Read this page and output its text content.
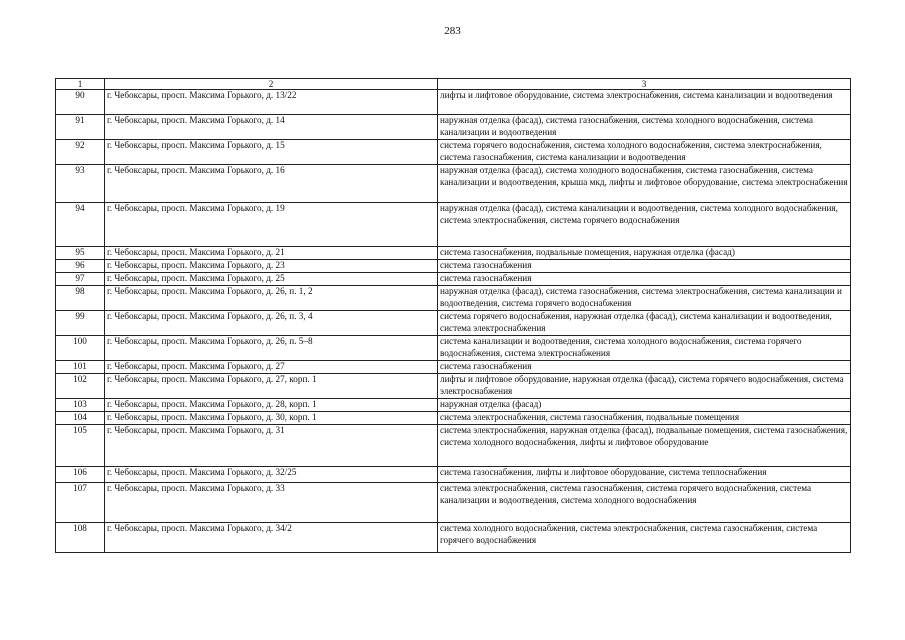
283
1	2	3
90	г. Чебоксары, просп. Максима Горького, д. 13/22	лифты и лифтовое оборудование, система электроснабжения, система канализации и водоотведения
91	г. Чебоксары, просп. Максима Горького, д. 14	наружная отделка (фасад), система газоснабжения, система холодного водоснабжения, система канализации и водоотведения
92	г. Чебоксары, просп. Максима Горького, д. 15	система горячего водоснабжения, система холодного водоснабжения, система электроснабжения, система газоснабжения, система канализации и водоотведения
93	г. Чебоксары, просп. Максима Горького, д. 16	наружная отделка (фасад), система холодного водоснабжения, система газоснабжения, система канализации и водоотведения, крыша мкд, лифты и лифтовое оборудование, система электроснабжения
94	г. Чебоксары, просп. Максима Горького, д. 19	наружная отделка (фасад), система канализации и водоотведения, система холодного водоснабжения, система электроснабжения, система горячего водоснабжения
95	г. Чебоксары, просп. Максима Горького, д. 21	система газоснабжения, подвальные помещения, наружная отделка (фасад)
96	г. Чебоксары, просп. Максима Горького, д. 23	система газоснабжения
97	г. Чебоксары, просп. Максима Горького, д. 25	система газоснабжения
98	г. Чебоксары, просп. Максима Горького, д. 26, п. 1, 2	наружная отделка (фасад), система газоснабжения, система электроснабжения, система канализации и водоотведения, система горячего водоснабжения
99	г. Чебоксары, просп. Максима Горького, д. 26, п. 3, 4	система горячего водоснабжения, наружная отделка (фасад), система канализации и водоотведения, система электроснабжения
100	г. Чебоксары, просп. Максима Горького, д. 26, п. 5–8	система канализации и водоотведения, система холодного водоснабжения, система горячего водоснабжения, система электроснабжения
101	г. Чебоксары, просп. Максима Горького, д. 27	система газоснабжения
102	г. Чебоксары, просп. Максима Горького, д. 27, корп. 1	лифты и лифтовое оборудование, наружная отделка (фасад), система горячего водоснабжения, система электроснабжения
103	г. Чебоксары, просп. Максима Горького, д. 28, корп. 1	наружная отделка (фасад)
104	г. Чебоксары, просп. Максима Горького, д. 30, корп. 1	система электроснабжения, система газоснабжения, подвальные помещения
105	г. Чебоксары, просп. Максима Горького, д. 31	система электроснабжения, наружная отделка (фасад), подвальные помещения, система газоснабжения, система холодного водоснабжения, лифты и лифтовое оборудование
106	г. Чебоксары, просп. Максима Горького, д. 32/25	система газоснабжения, лифты и лифтовое оборудование, система теплоснабжения
107	г. Чебоксары, просп. Максима Горького, д. 33	система электроснабжения, система газоснабжения, система горячего водоснабжения, система канализации и водоотведения, система холодного водоснабжения
108	г. Чебоксары, просп. Максима Горького, д. 34/2	система холодного водоснабжения, система электроснабжения, система газоснабжения, система горячего водоснабжения
